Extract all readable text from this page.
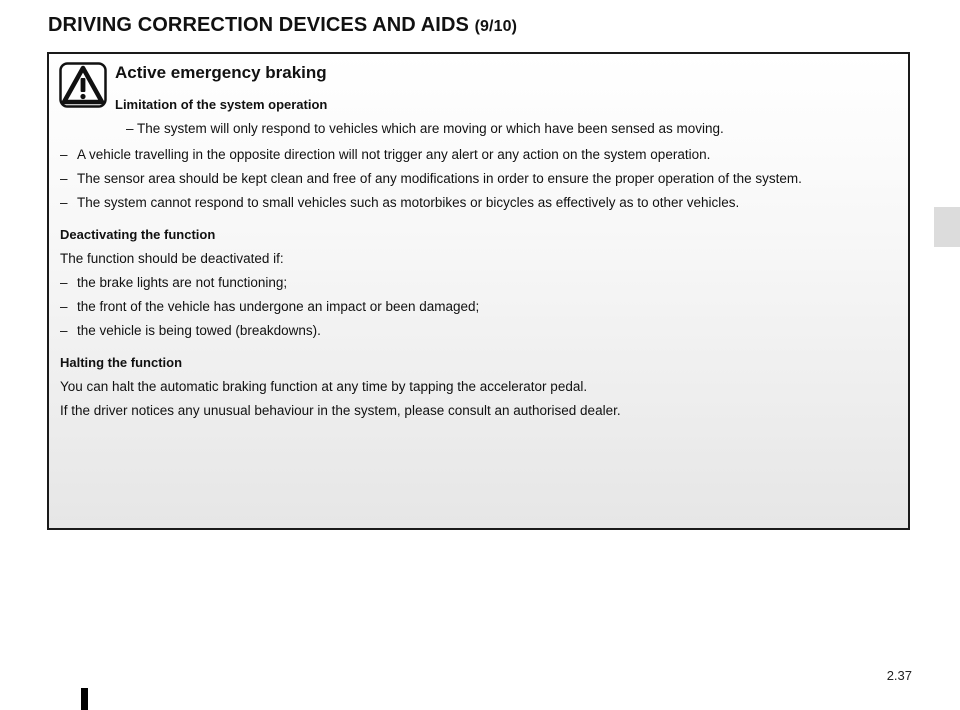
DRIVING CORRECTION DEVICES AND AIDS (9/10)
Active emergency braking
Limitation of the system operation
– The system will only respond to vehicles which are moving or which have been sensed as moving.
– A vehicle travelling in the opposite direction will not trigger any alert or any action on the system operation.
– The sensor area should be kept clean and free of any modifications in order to ensure the proper operation of the system.
– The system cannot respond to small vehicles such as motorbikes or bicycles as effectively as to other vehicles.
Deactivating the function
The function should be deactivated if:
– the brake lights are not functioning;
– the front of the vehicle has undergone an impact or been damaged;
– the vehicle is being towed (breakdowns).
Halting the function
You can halt the automatic braking function at any time by tapping the accelerator pedal.
If the driver notices any unusual behaviour in the system, please consult an authorised dealer.
2.37
